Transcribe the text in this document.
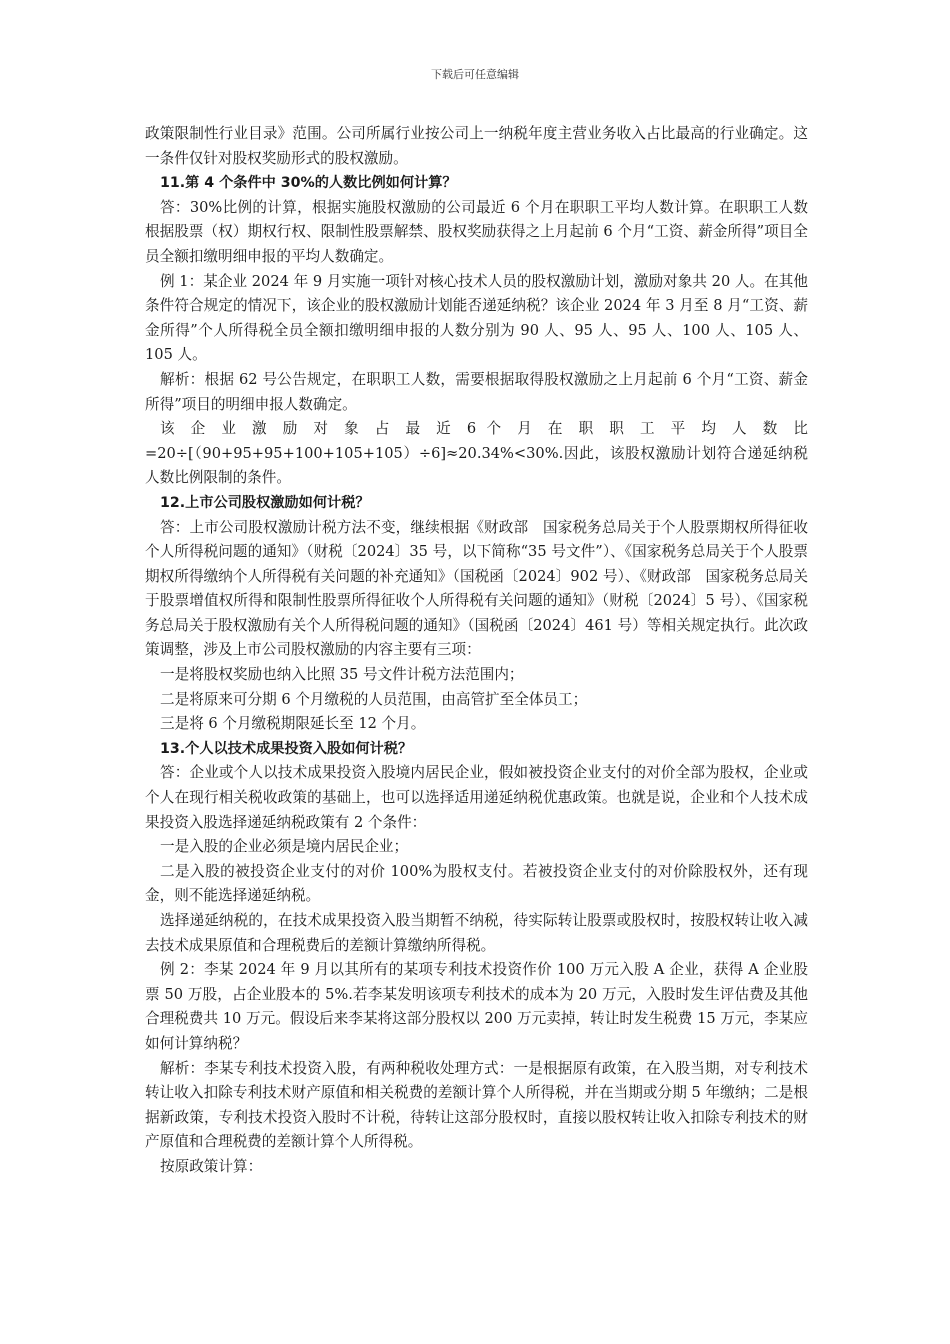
下载后可任意编辑

政策限制性行业目录》范围。公司所属行业按公司上一纳税年度主营业务收入占比最高的行业确定。这一条件仅针对股权奖励形式的股权激励。

11.第 4 个条件中 30%的人数比例如何计算？

答：30%比例的计算，根据实施股权激励的公司最近 6 个月在职职工平均人数计算。在职职工人数根据股票（权）期权行权、限制性股票解禁、股权奖励获得之上月起前 6 个月“工资、薪金所得”项目全员全额扣缴明细申报的平均人数确定。

例 1：某企业 2024 年 9 月实施一项针对核心技术人员的股权激励计划，激励对象共 20 人。在其他条件符合规定的情况下，该企业的股权激励计划能否递延纳税？该企业 2024 年 3 月至 8 月“工资、薪金所得”个人所得税全员全额扣缴明细申报的人数分别为 90 人、95 人、95 人、100 人、105 人、105 人。

解析：根据 62 号公告规定，在职职工人数，需要根据取得股权激励之上月起前 6 个月“工资、薪金所得”项目的明细申报人数确定。

该 企 业 激 励 对 象 占 最 近 6 个 月 在 职 职 工 平 均 人 数 比

=20÷[（90+95+95+100+105+105）÷6]≈20.34%<30%.因此，该股权激励计划符合递延纳税人数比例限制的条件。

12.上市公司股权激励如何计税？

答：上市公司股权激励计税方法不变，继续根据《财政部　国家税务总局关于个人股票期权所得征收个人所得税问题的通知》（财税〔2024〕35 号，以下简称“35 号文件”）、《国家税务总局关于个人股票期权所得缴纳个人所得税有关问题的补充通知》（国税函〔2024〕902 号）、《财政部　国家税务总局关于股票增值权所得和限制性股票所得征收个人所得税有关问题的通知》（财税〔2024〕5 号）、《国家税务总局关于股权激励有关个人所得税问题的通知》（国税函〔2024〕461 号）等相关规定执行。此次政策调整，涉及上市公司股权激励的内容主要有三项：

一是将股权奖励也纳入比照 35 号文件计税方法范围内；

二是将原来可分期 6 个月缴税的人员范围，由高管扩至全体员工；

三是将 6 个月缴税期限延长至 12 个月。

13.个人以技术成果投资入股如何计税？

答：企业或个人以技术成果投资入股境内居民企业，假如被投资企业支付的对价全部为股权，企业或个人在现行相关税收政策的基础上，也可以选择适用递延纳税优惠政策。也就是说，企业和个人技术成果投资入股选择递延纳税政策有 2 个条件：

一是入股的企业必须是境内居民企业；

二是入股的被投资企业支付的对价 100%为股权支付。若被投资企业支付的对价除股权外，还有现金，则不能选择递延纳税。

选择递延纳税的，在技术成果投资入股当期暂不纳税，待实际转让股票或股权时，按股权转让收入减去技术成果原值和合理税费后的差额计算缴纳所得税。

例 2：李某 2024 年 9 月以其所有的某项专利技术投资作价 100 万元入股 A 企业，获得 A 企业股票 50 万股，占企业股本的 5%.若李某发明该项专利技术的成本为 20 万元，入股时发生评估费及其他合理税费共 10 万元。假设后来李某将这部分股权以 200 万元卖掉，转让时发生税费 15 万元，李某应如何计算纳税？

解析：李某专利技术投资入股，有两种税收处理方式：一是根据原有政策，在入股当期，对专利技术转让收入扣除专利技术财产原值和相关税费的差额计算个人所得税，并在当期或分期 5 年缴纳；二是根据新政策，专利技术投资入股时不计税，待转让这部分股权时，直接以股权转让收入扣除专利技术的财产原值和合理税费的差额计算个人所得税。

按原政策计算：
